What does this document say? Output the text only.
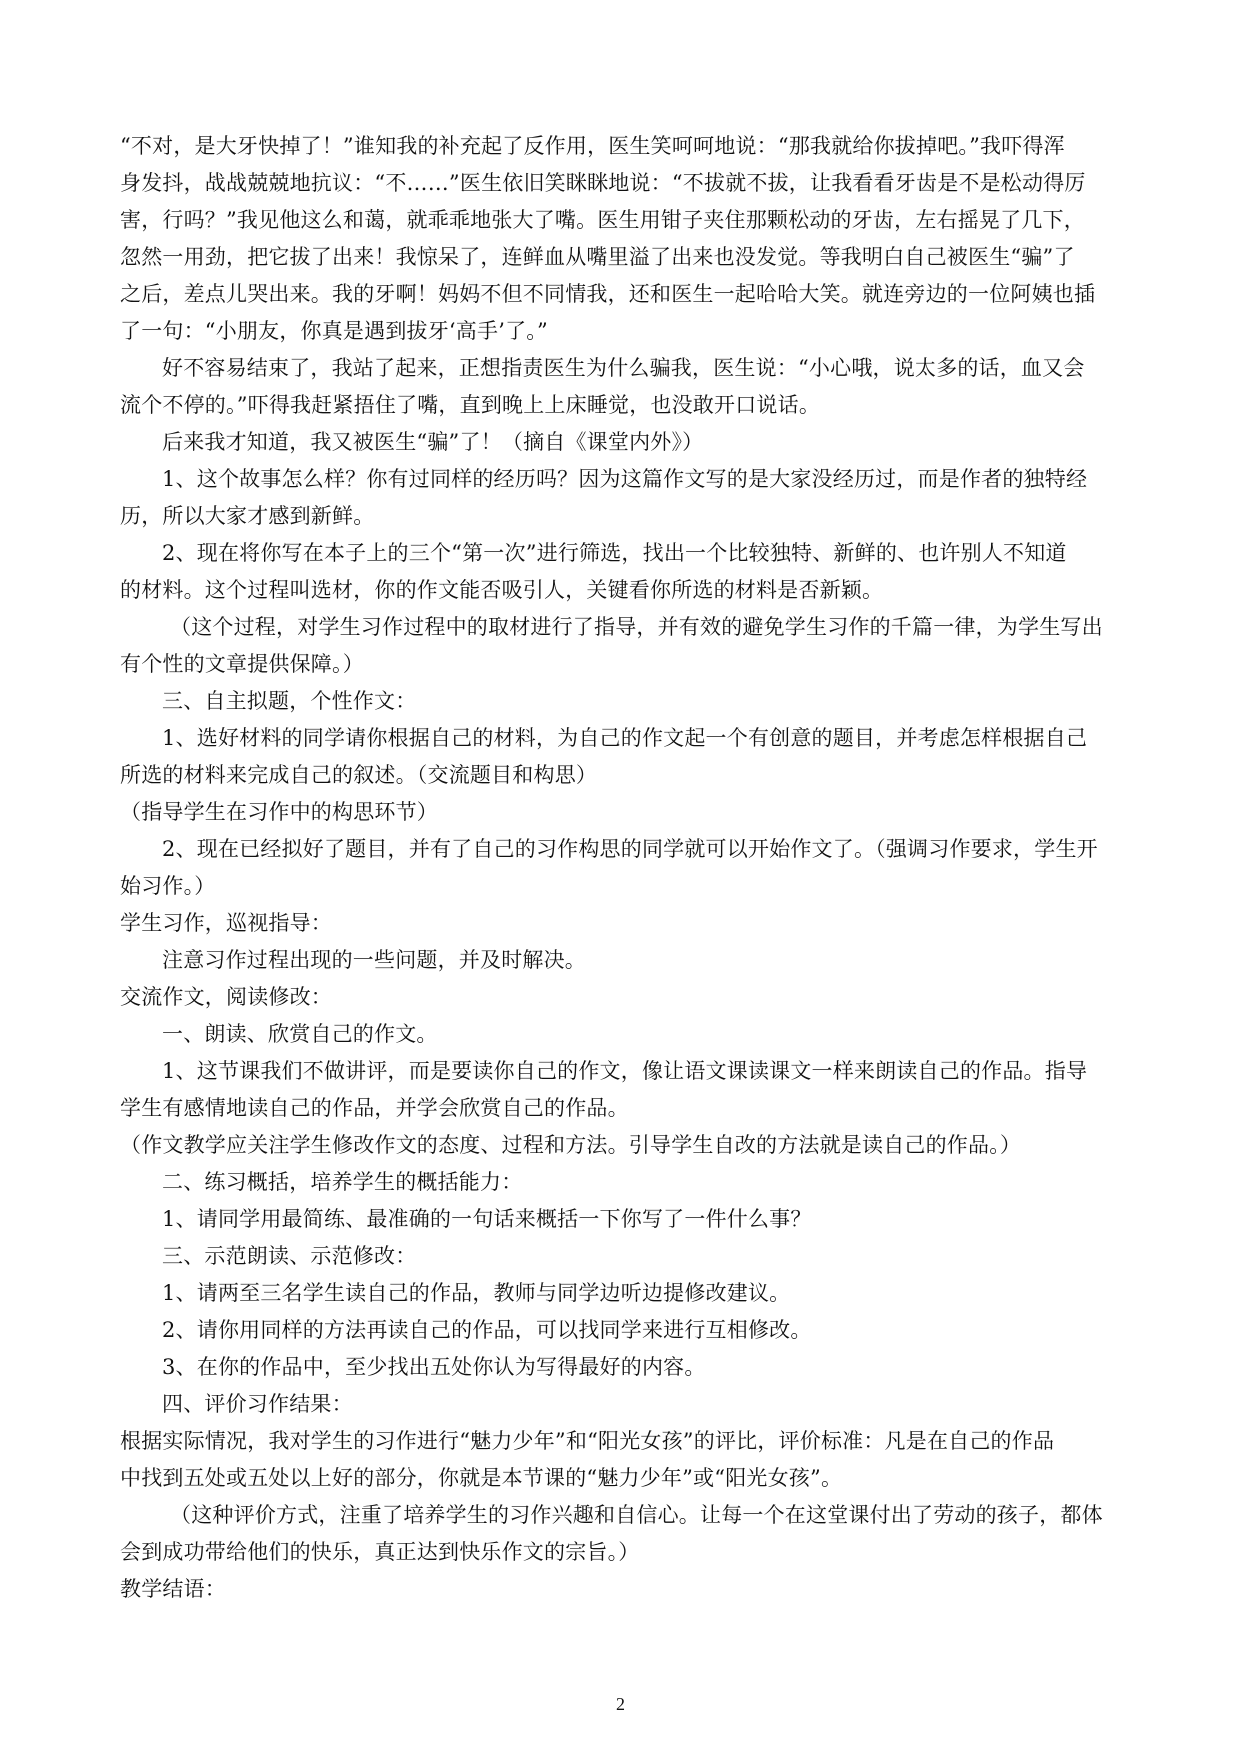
“不对，是大牙快掉了！”谁知我的补充起了反作用，医生笑呵呵地说：“那我就给你拔掉吧。”我吓得浑

身发抖，战战兢兢地抗议：“不……”医生依旧笑眯眯地说：“不拔就不拔，让我看看牙齿是不是松动得厉

害，行吗？”我见他这么和蔼，就乖乖地张大了嘴。医生用钳子夹住那颗松动的牙齿，左右摇晃了几下，

忽然一用劲，把它拔了出来！我惊呆了，连鲜血从嘴里溢了出来也没发觉。等我明白自己被医生“骗”了

之后，差点儿哭出来。我的牙啊！妈妈不但不同情我，还和医生一起哈哈大笑。就连旁边的一位阿姨也插

了一句：“小朋友，你真是遇到拔牙‘高手’了。”

好不容易结束了，我站了起来，正想指责医生为什么骗我，医生说：“小心哦，说太多的话，血又会

流个不停的。”吓得我赶紧捂住了嘴，直到晚上上床睡觉，也没敢开口说话。

后来我才知道，我又被医生“骗”了！（摘自《课堂内外》）

1、这个故事怎么样？你有过同样的经历吗？因为这篇作文写的是大家没经历过，而是作者的独特经

历，所以大家才感到新鲜。

2、现在将你写在本子上的三个“第一次”进行筛选，找出一个比较独特、新鲜的、也许别人不知道

的材料。这个过程叫选材，你的作文能否吸引人，关键看你所选的材料是否新颖。

（这个过程，对学生习作过程中的取材进行了指导，并有效的避免学生习作的千篇一律，为学生写出

有个性的文章提供保障。）

三、自主拟题，个性作文：

1、选好材料的同学请你根据自己的材料，为自己的作文起一个有创意的题目，并考虑怎样根据自己

所选的材料来完成自己的叙述。（交流题目和构思）

（指导学生在习作中的构思环节）

2、现在已经拟好了题目，并有了自己的习作构思的同学就可以开始作文了。（强调习作要求，学生开

始习作。）

学生习作，巡视指导：

注意习作过程出现的一些问题，并及时解决。

交流作文，阅读修改：

一、朗读、欣赏自己的作文。

1、这节课我们不做讲评，而是要读你自己的作文，像让语文课读课文一样来朗读自己的作品。指导

学生有感情地读自己的作品，并学会欣赏自己的作品。

（作文教学应关注学生修改作文的态度、过程和方法。引导学生自改的方法就是读自己的作品。）

二、练习概括，培养学生的概括能力：

1、请同学用最简练、最准确的一句话来概括一下你写了一件什么事？

三、示范朗读、示范修改：

1、请两至三名学生读自己的作品，教师与同学边听边提修改建议。

2、请你用同样的方法再读自己的作品，可以找同学来进行互相修改。

3、在你的作品中，至少找出五处你认为写得最好的内容。

四、评价习作结果：

根据实际情况，我对学生的习作进行“魅力少年”和“阳光女孩”的评比，评价标准：凡是在自己的作品

中找到五处或五处以上好的部分，你就是本节课的“魅力少年”或“阳光女孩”。

（这种评价方式，注重了培养学生的习作兴趣和自信心。让每一个在这堂课付出了劳动的孩子，都体

会到成功带给他们的快乐，真正达到快乐作文的宗旨。）

教学结语：

2
